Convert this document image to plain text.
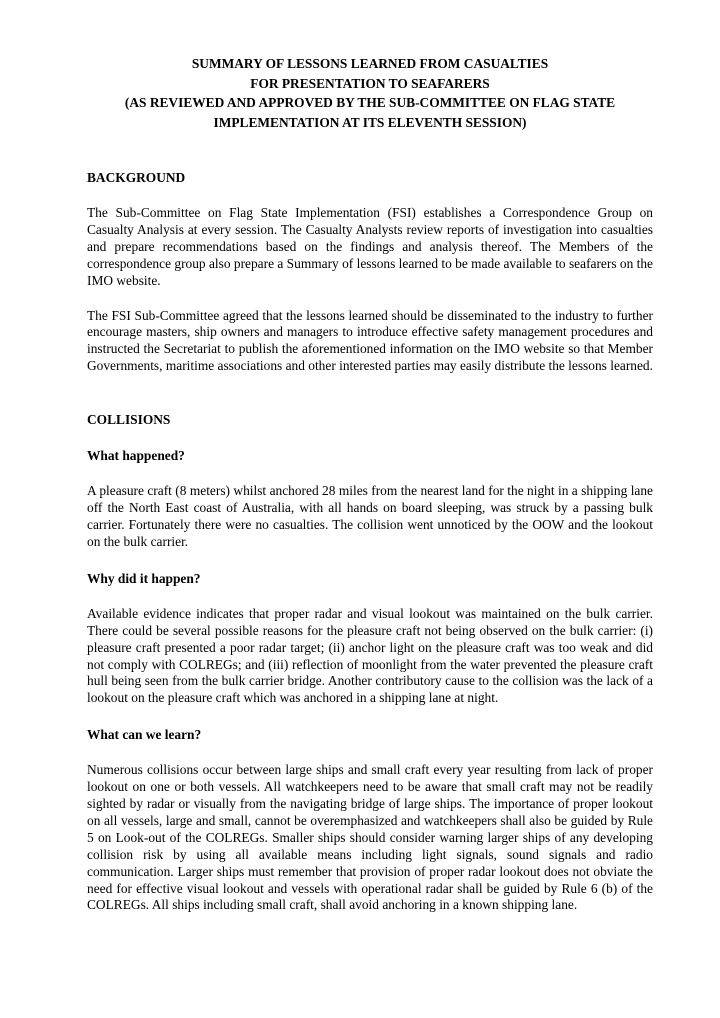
SUMMARY OF LESSONS LEARNED FROM CASUALTIES
FOR PRESENTATION TO SEAFARERS
(AS REVIEWED AND APPROVED BY THE SUB-COMMITTEE ON FLAG STATE
IMPLEMENTATION AT ITS ELEVENTH SESSION)
BACKGROUND

The Sub-Committee on Flag State Implementation (FSI) establishes a Correspondence Group on Casualty Analysis at every session. The Casualty Analysts review reports of investigation into casualties and prepare recommendations based on the findings and analysis thereof. The Members of the correspondence group also prepare a Summary of lessons learned to be made available to seafarers on the IMO website.

The FSI Sub-Committee agreed that the lessons learned should be disseminated to the industry to further encourage masters, ship owners and managers to introduce effective safety management procedures and instructed the Secretariat to publish the aforementioned information on the IMO website so that Member Governments, maritime associations and other interested parties may easily distribute the lessons learned.

COLLISIONS
What happened?

A pleasure craft (8 meters) whilst anchored 28 miles from the nearest land for the night in a shipping lane off the North East coast of Australia, with all hands on board sleeping, was struck by a passing bulk carrier. Fortunately there were no casualties. The collision went unnoticed by the OOW and the lookout on the bulk carrier.

Why did it happen?

Available evidence indicates that proper radar and visual lookout was maintained on the bulk carrier. There could be several possible reasons for the pleasure craft not being observed on the bulk carrier: (i) pleasure craft presented a poor radar target; (ii) anchor light on the pleasure craft was too weak and did not comply with COLREGs; and (iii) reflection of moonlight from the water prevented the pleasure craft hull being seen from the bulk carrier bridge. Another contributory cause to the collision was the lack of a lookout on the pleasure craft which was anchored in a shipping lane at night.

What can we learn?

Numerous collisions occur between large ships and small craft every year resulting from lack of proper lookout on one or both vessels. All watchkeepers need to be aware that small craft may not be readily sighted by radar or visually from the navigating bridge of large ships. The importance of proper lookout on all vessels, large and small, cannot be overemphasized and watchkeepers shall also be guided by Rule 5 on Look-out of the COLREGs. Smaller ships should consider warning larger ships of any developing collision risk by using all available means including light signals, sound signals and radio communication. Larger ships must remember that provision of proper radar lookout does not obviate the need for effective visual lookout and vessels with operational radar shall be guided by Rule 6 (b) of the COLREGs. All ships including small craft, shall avoid anchoring in a known shipping lane.
